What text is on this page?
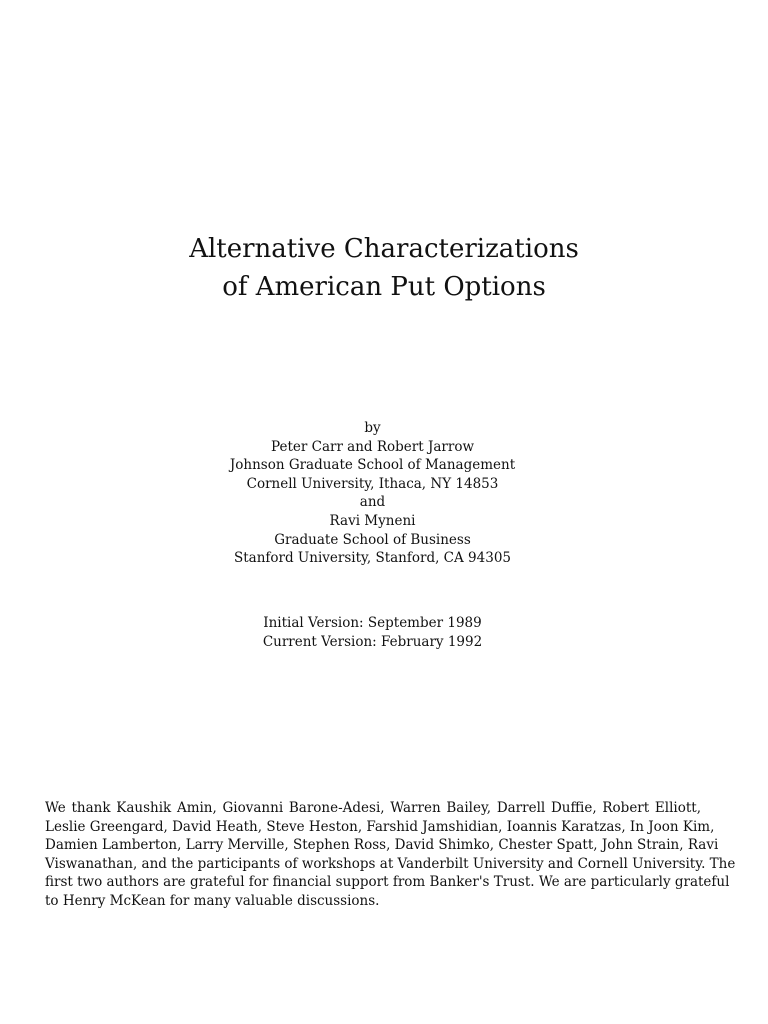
Alternative Characterizations
of American Put Options
by
Peter Carr and Robert Jarrow
Johnson Graduate School of Management
Cornell University, Ithaca, NY 14853
and
Ravi Myneni
Graduate School of Business
Stanford University, Stanford, CA 94305
Initial Version: September 1989
Current Version: February 1992

We thank Kaushik Amin, Giovanni Barone-Adesi, Warren Bailey, Darrell Duffie, Robert Elliott,
Leslie Greengard, David Heath, Steve Heston, Farshid Jamshidian, Ioannis Karatzas, In Joon Kim,
Damien Lamberton, Larry Merville, Stephen Ross, David Shimko, Chester Spatt, John Strain, Ravi
Viswanathan, and the participants of workshops at Vanderbilt University and Cornell University. The
first two authors are grateful for financial support from Banker's Trust. We are particularly grateful
to Henry McKean for many valuable discussions.
